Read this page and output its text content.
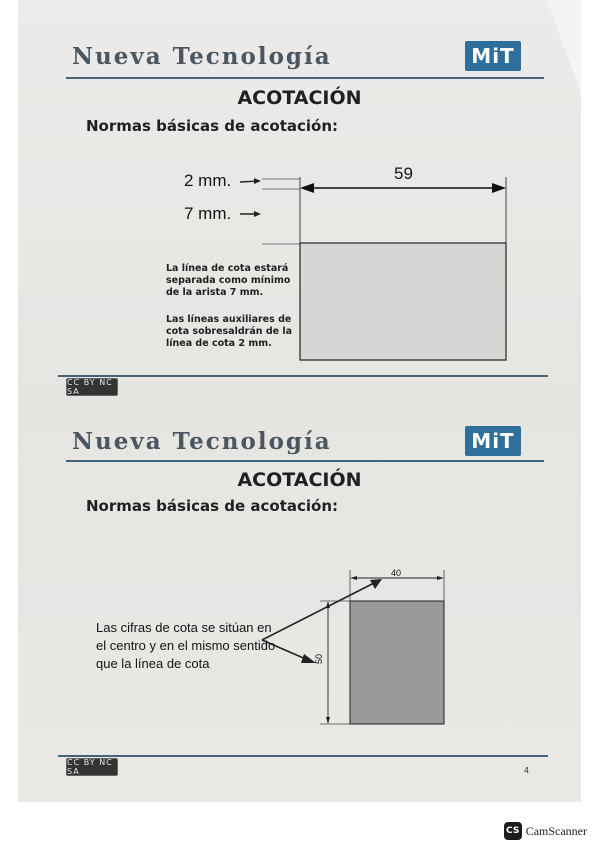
Nueva Tecnología	MiT
ACOTACIÓN
Normas básicas de acotación:
2 mm.
7 mm.
59
La línea de cota estará separada como mínimo de la arista 7 mm.
Las líneas auxiliares de cota sobresaldrán de la línea de cota 2 mm.
CC BY NC SA
Nueva Tecnología	MiT
ACOTACIÓN
Normas básicas de acotación:
40
50
Las cifras de cota se sitúan en el centro y en el mismo sentido que la línea de cota
CC BY NC SA	4
CS CamScanner
